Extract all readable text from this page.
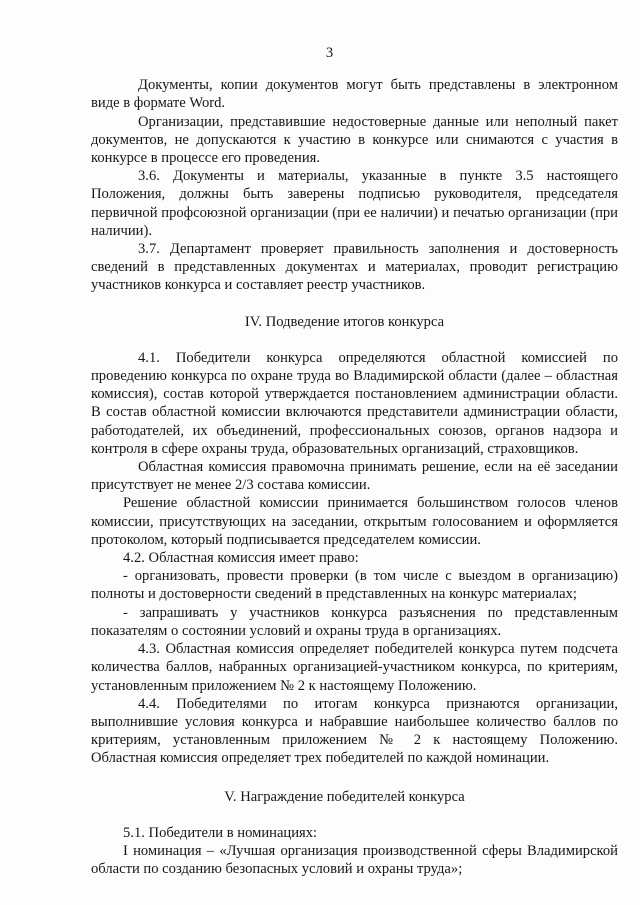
3

Документы, копии документов могут быть представлены в электронном виде в формате Word.

Организации, представившие недостоверные данные или неполный пакет документов, не допускаются к участию в конкурсе или снимаются с участия в конкурсе в процессе его проведения.

3.6. Документы и материалы, указанные в пункте 3.5 настоящего Положения, должны быть заверены подписью руководителя, председателя первичной профсоюзной организации (при ее наличии) и печатью организации (при наличии).

3.7. Департамент проверяет правильность заполнения и достоверность сведений в представленных документах и материалах, проводит регистрацию участников конкурса и составляет реестр участников.

IV. Подведение итогов конкурса

4.1. Победители конкурса определяются областной комиссией по проведению конкурса по охране труда во Владимирской области (далее – областная комиссия), состав которой утверждается постановлением администрации области. В состав областной комиссии включаются представители администрации области, работодателей, их объединений, профессиональных союзов, органов надзора и контроля в сфере охраны труда, образовательных организаций, страховщиков.

Областная комиссия правомочна принимать решение, если на её заседании присутствует не менее 2/3 состава комиссии.

Решение областной комиссии принимается большинством голосов членов комиссии, присутствующих на заседании, открытым голосованием и оформляется протоколом, который подписывается председателем комиссии.

4.2. Областная комиссия имеет право:

- организовать, провести проверки (в том числе с выездом в организацию) полноты и достоверности сведений в представленных на конкурс материалах;

- запрашивать у участников конкурса разъяснения по представленным показателям о состоянии условий и охраны труда в организациях.

4.3. Областная комиссия определяет победителей конкурса путем подсчета количества баллов, набранных организацией-участником конкурса, по критериям, установленным приложением № 2 к настоящему Положению.

4.4. Победителями по итогам конкурса признаются организации, выполнившие условия конкурса и набравшие наибольшее количество баллов по критериям, установленным приложением № 2 к настоящему Положению. Областная комиссия определяет трех победителей по каждой номинации.

V. Награждение победителей конкурса

5.1. Победители в номинациях:

I номинация – «Лучшая организация производственной сферы Владимирской области по созданию безопасных условий и охраны труда»;
